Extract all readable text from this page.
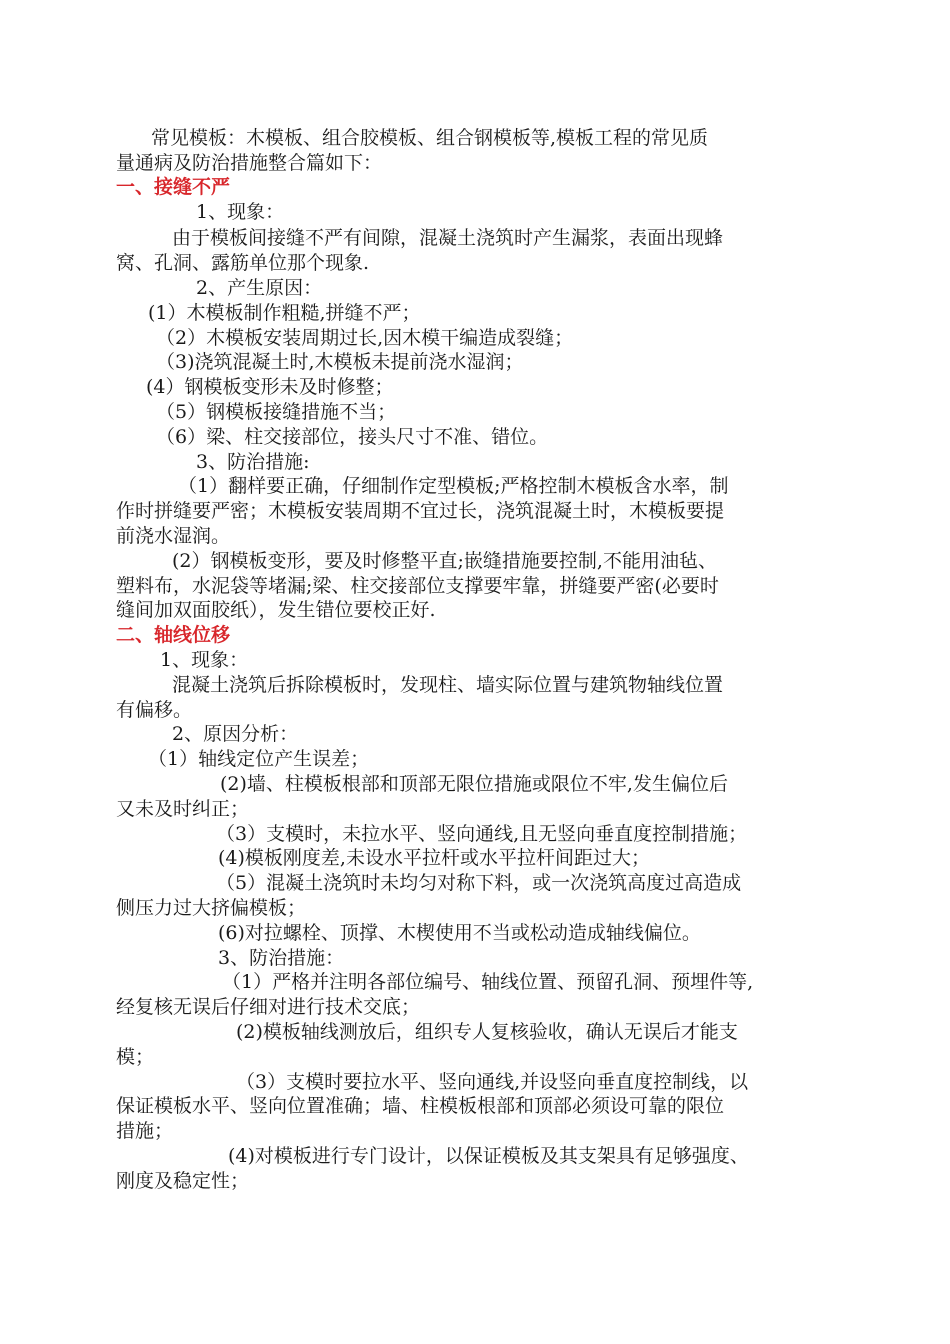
常见模板：木模板、组合胶模板、组合钢模板等,模板工程的常见质
量通病及防治措施整合篇如下：
一、接缝不严
1、现象：
由于模板间接缝不严有间隙，混凝土浇筑时产生漏浆，表面出现蜂
窝、孔洞、露筋单位那个现象.
2、产生原因：
(1）木模板制作粗糙,拼缝不严；
（2）木模板安装周期过长,因木模干编造成裂缝；
（3)浇筑混凝土时,木模板未提前浇水湿润；
(4）钢模板变形未及时修整；
（5）钢模板接缝措施不当；
（6）梁、柱交接部位，接头尺寸不准、错位。
3、防治措施:
（1）翻样要正确，仔细制作定型模板;严格控制木模板含水率，制
作时拼缝要严密；木模板安装周期不宜过长，浇筑混凝土时，木模板要提
前浇水湿润。
(2）钢模板变形，要及时修整平直;嵌缝措施要控制,不能用油毡、
塑料布，水泥袋等堵漏;梁、柱交接部位支撑要牢靠，拼缝要严密(必要时
缝间加双面胶纸），发生错位要校正好.
二、轴线位移
1、现象：
混凝土浇筑后拆除模板时，发现柱、墙实际位置与建筑物轴线位置
有偏移。
2、原因分析：
（1）轴线定位产生误差；
(2)墙、柱模板根部和顶部无限位措施或限位不牢,发生偏位后
又未及时纠正；
（3）支模时，未拉水平、竖向通线,且无竖向垂直度控制措施；
(4)模板刚度差,未设水平拉杆或水平拉杆间距过大；
（5）混凝土浇筑时未均匀对称下料，或一次浇筑高度过高造成
侧压力过大挤偏模板；
(6)对拉螺栓、顶撑、木楔使用不当或松动造成轴线偏位。
3、防治措施：
（1）严格并注明各部位编号、轴线位置、预留孔洞、预埋件等,
经复核无误后仔细对进行技术交底；
(2)模板轴线测放后，组织专人复核验收，确认无误后才能支
模；
（3）支模时要拉水平、竖向通线,并设竖向垂直度控制线，以
保证模板水平、竖向位置准确；墙、柱模板根部和顶部必须设可靠的限位
措施；
(4)对模板进行专门设计，以保证模板及其支架具有足够强度、
刚度及稳定性；
